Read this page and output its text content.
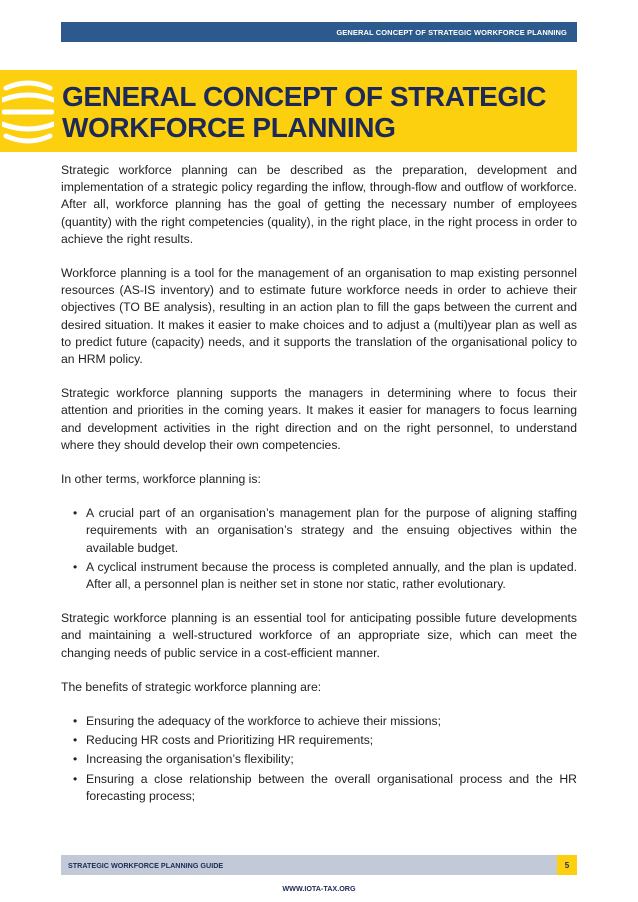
GENERAL CONCEPT OF STRATEGIC WORKFORCE PLANNING
GENERAL CONCEPT OF STRATEGIC
WORKFORCE PLANNING

Strategic workforce planning can be described as the preparation, development and implementation of a strategic policy regarding the inflow, through-flow and outflow of workforce. After all, workforce planning has the goal of getting the necessary number of employees (quantity) with the right competencies (quality), in the right place, in the right process in order to achieve the right results.

Workforce planning is a tool for the management of an organisation to map existing personnel resources (AS-IS inventory) and to estimate future workforce needs in order to achieve their objectives (TO BE analysis), resulting in an action plan to fill the gaps between the current and desired situation. It makes it easier to make choices and to adjust a (multi)year plan as well as to predict future (capacity) needs, and it supports the translation of the organisational policy to an HRM policy.

Strategic workforce planning supports the managers in determining where to focus their attention and priorities in the coming years. It makes it easier for managers to focus learning and development activities in the right direction and on the right personnel, to understand where they should develop their own competencies.

In other terms, workforce planning is:

• A crucial part of an organisation’s management plan for the purpose of aligning staffing requirements with an organisation’s strategy and the ensuing objectives within the available budget.
• A cyclical instrument because the process is completed annually, and the plan is updated. After all, a personnel plan is neither set in stone nor static, rather evolutionary.

Strategic workforce planning is an essential tool for anticipating possible future developments and maintaining a well-structured workforce of an appropriate size, which can meet the changing needs of public service in a cost-efficient manner.

The benefits of strategic workforce planning are:

• Ensuring the adequacy of the workforce to achieve their missions;
• Reducing HR costs and Prioritizing HR requirements;
• Increasing the organisation’s flexibility;
• Ensuring a close relationship between the overall organisational process and the HR forecasting process;
STRATEGIC WORKFORCE PLANNING GUIDE	5
WWW.IOTA-TAX.ORG
